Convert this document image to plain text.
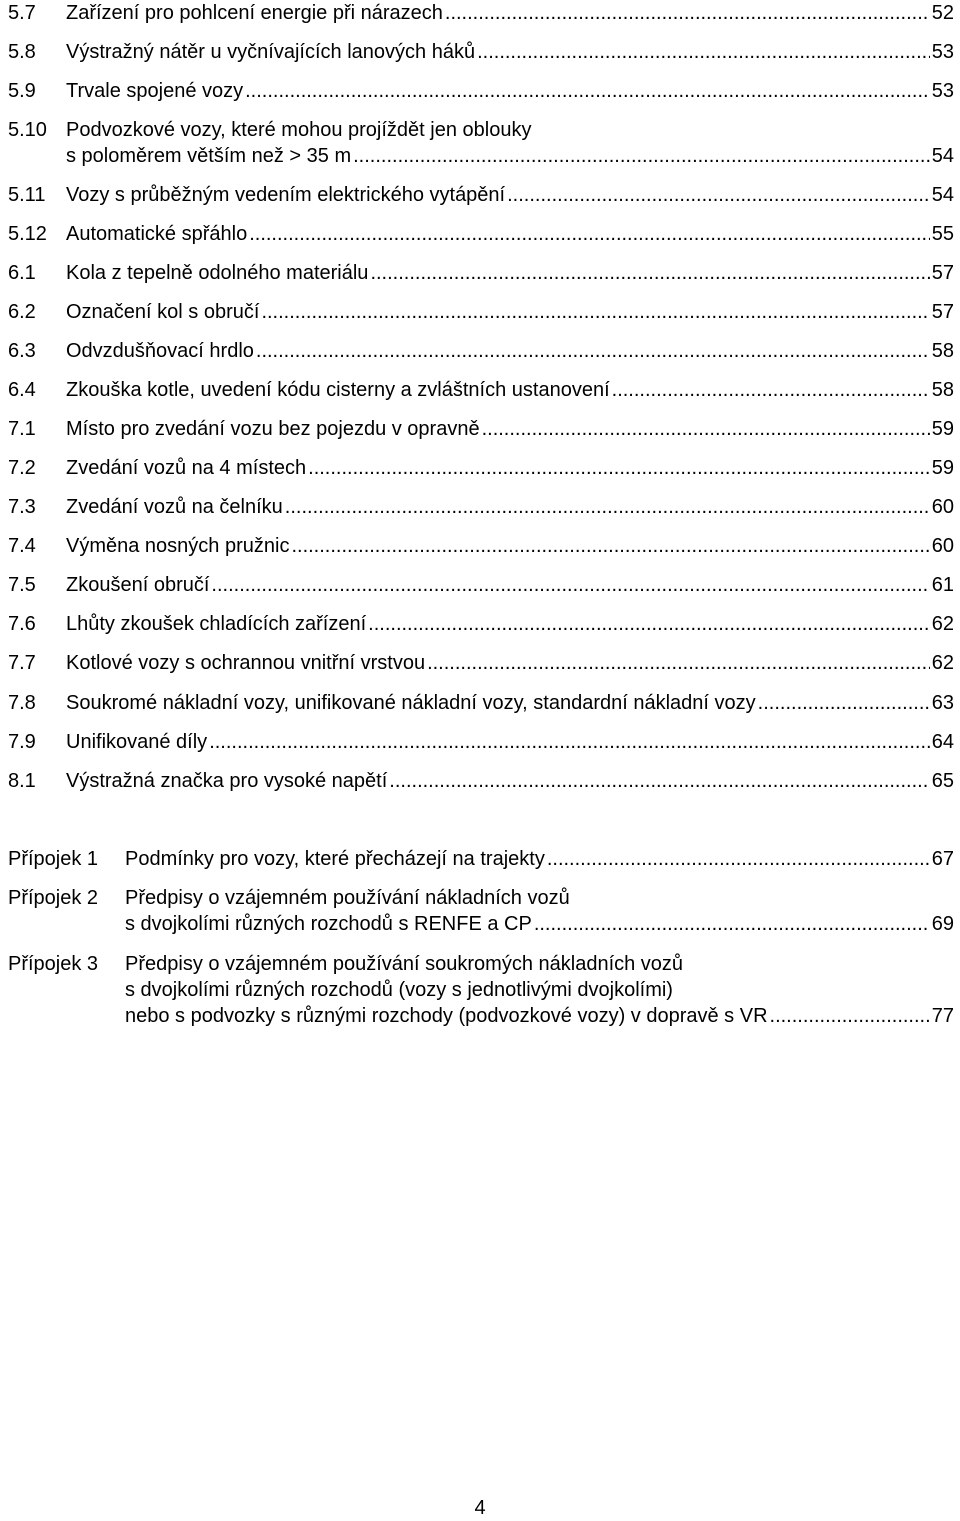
5.7 Zařízení pro pohlcení energie při nárazech .....	52
5.8 Výstražný nátěr u vyčnívajících lanových háků .....	53
5.9 Trvale spojené vozy .....	53
5.10 Podvozkové vozy, které mohou projíždět jen oblouky
s poloměrem větším než > 35 m .....	54
5.11 Vozy s průběžným vedením elektrického vytápění .....	54
5.12 Automatické spřáhlo .....	55
6.1 Kola z tepelně odolného materiálu .....	57
6.2 Označení kol s obručí .....	57
6.3 Odvzdušňovací hrdlo .....	58
6.4 Zkouška kotle, uvedení kódu cisterny a zvláštních ustanovení .....	58
7.1 Místo pro zvedání vozu bez pojezdu v opravně .....	59
7.2 Zvedání vozů na 4 místech .....	59
7.3 Zvedání vozů na čelníku .....	60
7.4 Výměna nosných pružnic .....	60
7.5 Zkoušení obručí .....	61
7.6 Lhůty zkoušek chladících zařízení .....	62
7.7 Kotlové vozy s ochrannou vnitřní vrstvou .....	62
7.8 Soukromé nákladní vozy, unifikované nákladní vozy, standardní nákladní vozy .....	63
7.9 Unifikované díly .....	64
8.1 Výstražná značka pro vysoké napětí .....	65
Přípojek 1 Podmínky pro vozy, které přecházejí na trajekty .....	67
Přípojek 2 Předpisy o vzájemném používání nákladních vozů
s dvojkolími různých rozchodů s RENFE a CP .....	69
Přípojek 3 Předpisy o vzájemném používání soukromých nákladních vozů
s dvojkolími různých rozchodů (vozy s jednotlivými dvojkolími)
nebo s podvozky s různými rozchody (podvozkové vozy) v dopravě s VR .....	77
4
